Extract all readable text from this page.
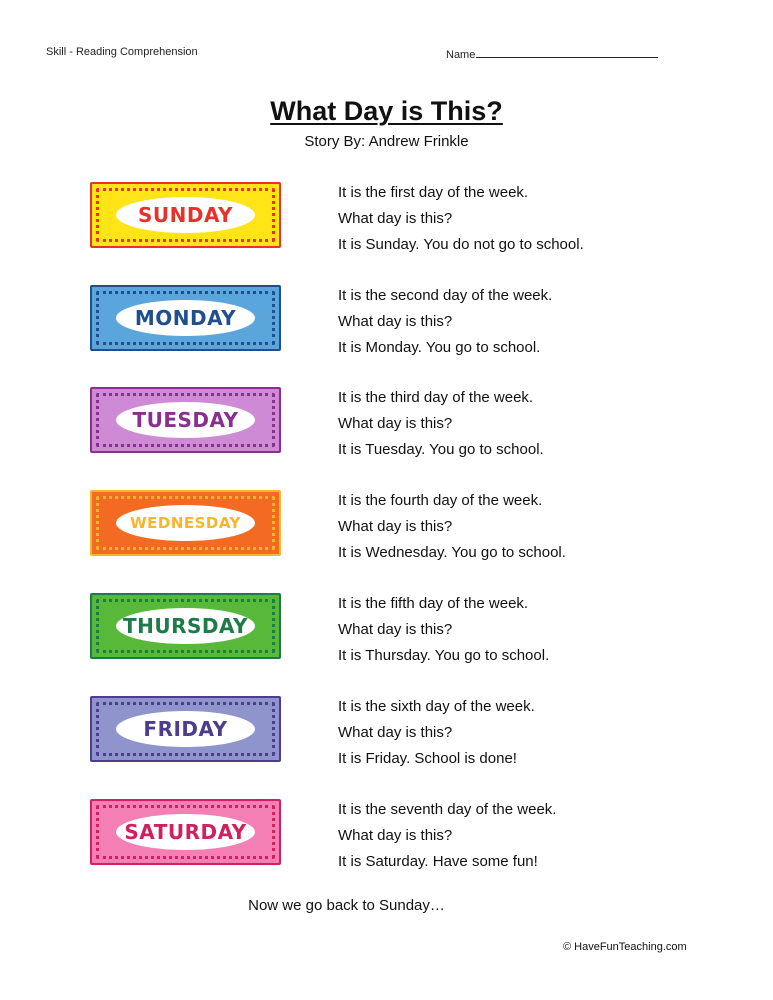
Skill - Reading Comprehension	Name
What Day is This?
Story By: Andrew Frinkle
SUNDAY
It is the first day of the week.
What day is this?
It is Sunday. You do not go to school.
MONDAY
It is the second day of the week.
What day is this?
It is Monday. You go to school.
TUESDAY
It is the third day of the week.
What day is this?
It is Tuesday. You go to school.
WEDNESDAY
It is the fourth day of the week.
What day is this?
It is Wednesday. You go to school.
THURSDAY
It is the fifth day of the week.
What day is this?
It is Thursday. You go to school.
FRIDAY
It is the sixth day of the week.
What day is this?
It is Friday. School is done!
SATURDAY
It is the seventh day of the week.
What day is this?
It is Saturday. Have some fun!
Now we go back to Sunday…
© HaveFunTeaching.com
